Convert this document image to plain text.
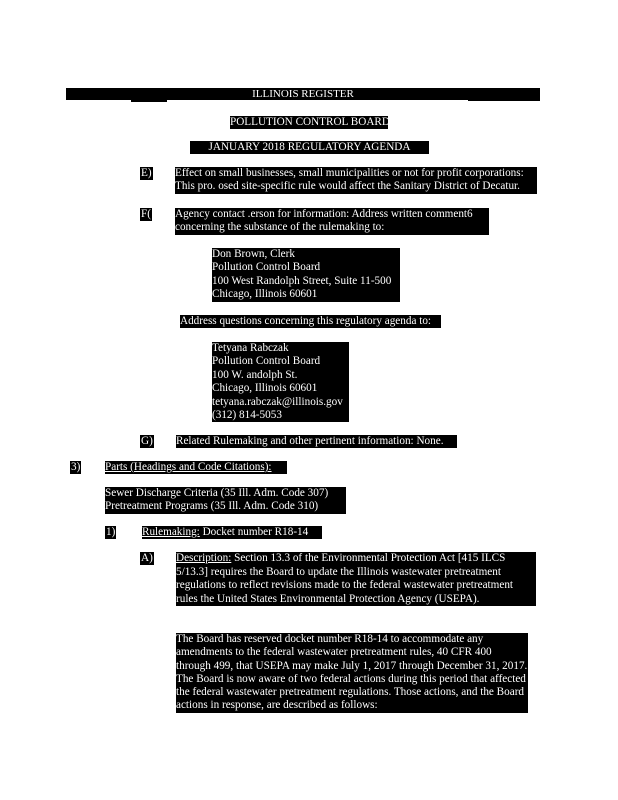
ILLINOIS REGISTER
POLLUTION CONTROL BOARD
JANUARY 2018 REGULATORY AGENDA
E) Effect on small businesses, small municipalities or not for profit corporations:
This pro. osed site-specific rule would affect the Sanitary District of Decatur.
F( Agency contact .erson for information: Address written comment6
concerning the substance of the rulemaking to:
Don Brown, Clerk
Pollution Control Board
100 West Randolph Street, Suite 11-500
Chicago, Illinois 60601
Address questions concerning this regulatory agenda to:
Tetyana Rabczak
Pollution Control Board
100 W. andolph St.
Chicago, Illinois 60601
tetyana.rabczak@illinois.gov
(312) 814-5053
G) Related Rulemaking and other pertinent information: None.
3) Parts (Headings and Code Citations):
Sewer Discharge Criteria (35 Ill. Adm. Code 307)
Pretreatment Programs (35 Ill. Adm. Code 310)
1) Rulemaking: Docket number R18-14
A) Description: Section 13.3 of the Environmental Protection Act [415 ILCS 5/13.3] requires the Board to update the Illinois wastewater pretreatment regulations to reflect revisions made to the federal wastewater pretreatment rules the United States Environmental Protection Agency (USEPA).
The Board has reserved docket number R18-14 to accommodate any amendments to the federal wastewater pretreatment rules, 40 CFR 400 through 499, that USEPA may make July 1, 2017 through December 31, 2017. The Board is now aware of two federal actions during this period that affected the federal wastewater pretreatment regulations. Those actions, and the Board actions in response, are described as follows:
